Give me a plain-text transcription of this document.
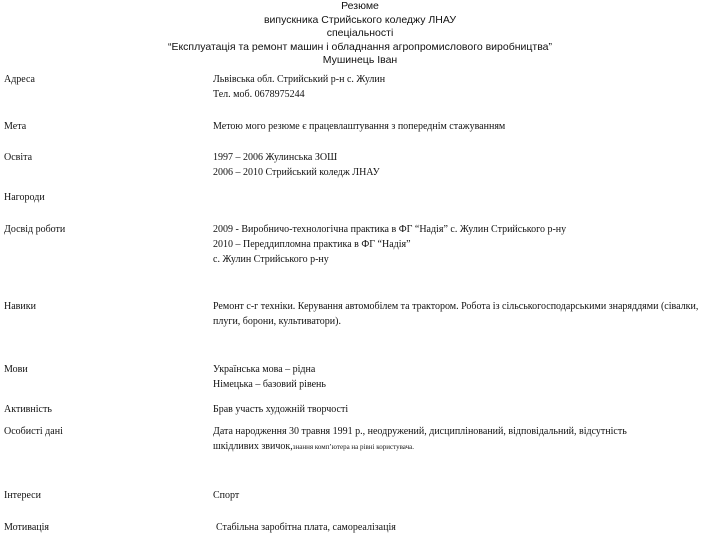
Резюме
випускника Стрийського коледжу ЛНАУ
спеціальності
“Експлуатація та ремонт машин і обладнання агропромислового виробництва”
Мушинець Іван
Адреса	Львівська обл. Стрийський р-н с. Жулин
Тел. моб. 0678975244
Мета	Метою мого резюме є працевлаштування з попереднім стажуванням
Освіта	1997 – 2006 Жулинська ЗОШ
2006 – 2010 Стрийський коледж ЛНАУ
Нагороди
Досвід роботи	2009 - Виробничо-технологічна практика в ФГ “Надія” с. Жулин Стрийського р-ну
2010 – Переддипломна практика в ФГ “Надія”
с. Жулин Стрийського р-ну
Навики	Ремонт с-г техніки. Керування автомобілем та трактором. Робота із сільськогосподарськими знаряддями (сівалки, плуги, борони, культиватори).
Мови	Українська мова – рідна
Німецька – базовий рівень
Активність	Брав участь художній творчості
Особисті дані	Дата народження 30 травня 1991 р., неодружений, дисциплінований, відповідальний, відсутність
шкідливих звичок,знання комп’ютера на рівні користувача.
Інтереси	Спорт
Мотивація	Стабільна заробітна плата, самореалізація
